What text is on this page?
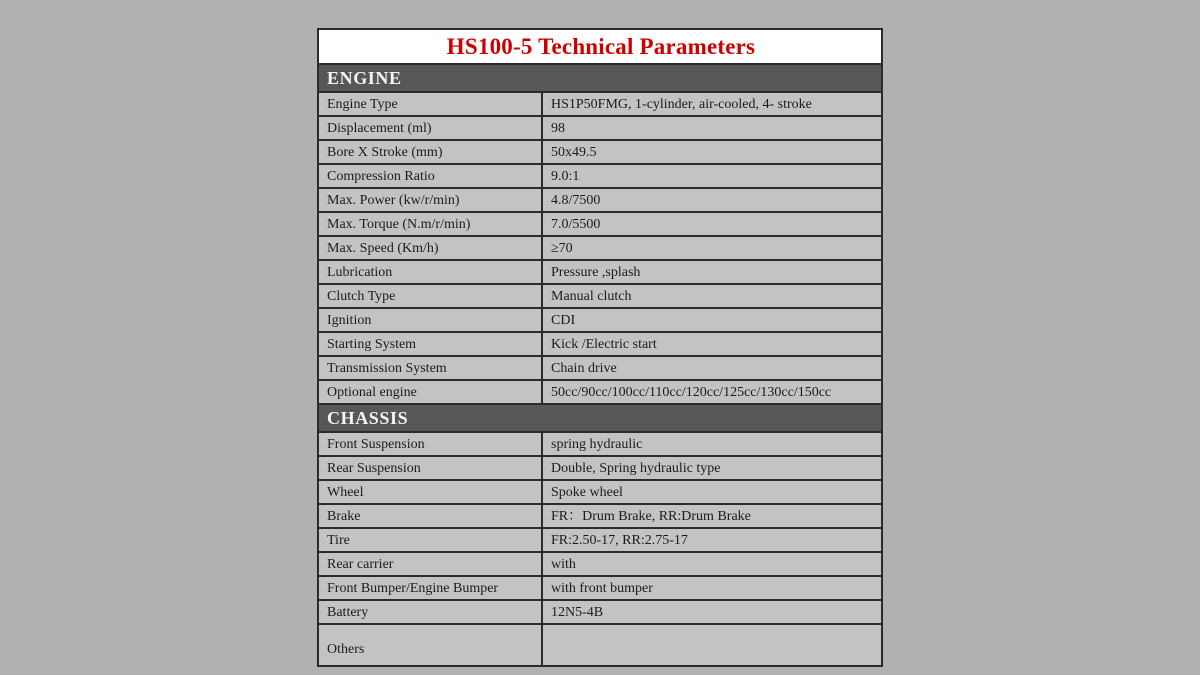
HS100-5 Technical Parameters	
ENGINE	
Engine Type	HS1P50FMG, 1-cylinder, air-cooled, 4- stroke
Displacement (ml)	98
Bore X Stroke (mm)	50x49.5
Compression Ratio	9.0:1
Max. Power (kw/r/min)	4.8/7500
Max. Torque (N.m/r/min)	7.0/5500
Max. Speed (Km/h)	≥70
Lubrication	Pressure ,splash
Clutch Type	Manual clutch
Ignition	CDI
Starting System	Kick /Electric start
Transmission System	Chain drive
Optional engine	50cc/90cc/100cc/110cc/120cc/125cc/130cc/150cc
CHASSIS	
Front Suspension	spring hydraulic
Rear Suspension	Double, Spring hydraulic type
Wheel	Spoke wheel
Brake	FR：Drum Brake, RR:Drum Brake
Tire	FR:2.50-17, RR:2.75-17
Rear carrier	with
Front Bumper/Engine Bumper	with front bumper
Battery	12N5-4B
Others	
